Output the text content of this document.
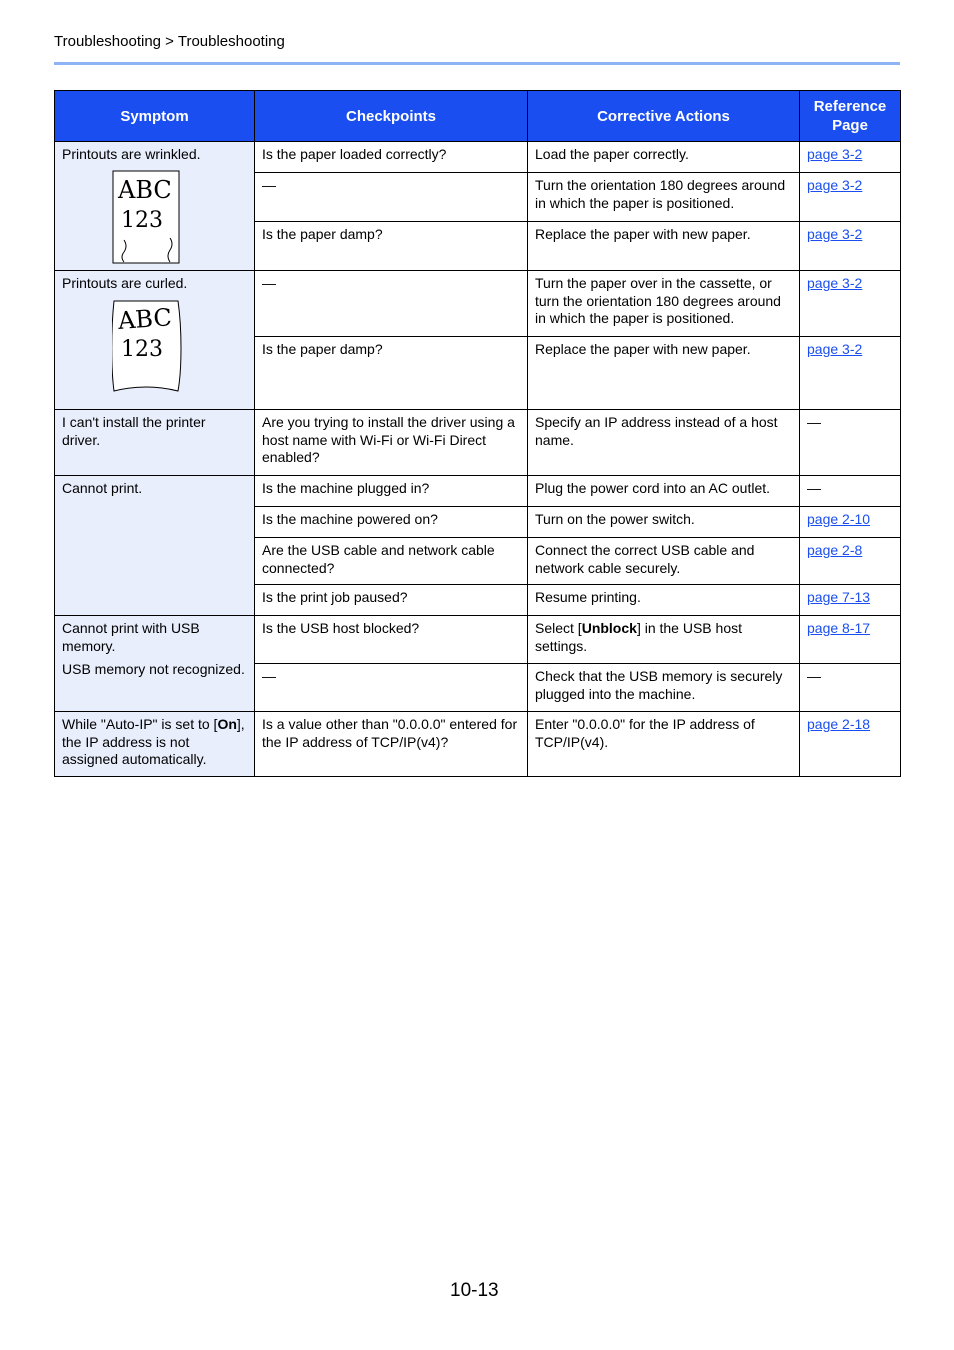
Troubleshooting > Troubleshooting
Symptom	Checkpoints	Corrective Actions	Reference Page

Printouts are wrinkled.

ABC
123	Is the paper loaded correctly?	Load the paper correctly.	page 3-2
	—	Turn the orientation 180 degrees around in which the paper is positioned.	page 3-2
	Is the paper damp?	Replace the paper with new paper.	page 3-2

Printouts are curled.

ABC
123	—	Turn the paper over in the cassette, or turn the orientation 180 degrees around in which the paper is positioned.	page 3-2
	Is the paper damp?	Replace the paper with new paper.	page 3-2

I can't install the printer driver.	Are you trying to install the driver using a host name with Wi-Fi or Wi-Fi Direct enabled?	Specify an IP address instead of a host name.	—

Cannot print.	Is the machine plugged in?	Plug the power cord into an AC outlet.	—
	Is the machine powered on?	Turn on the power switch.	page 2-10
	Are the USB cable and network cable connected?	Connect the correct USB cable and network cable securely.	page 2-8
	Is the print job paused?	Resume printing.	page 7-13

Cannot print with USB memory.

USB memory not recognized.	Is the USB host blocked?	Select [Unblock] in the USB host settings.	page 8-17
	—	Check that the USB memory is securely plugged into the machine.	—

While "Auto-IP" is set to [On], the IP address is not assigned automatically.	Is a value other than "0.0.0.0" entered for the IP address of TCP/IP(v4)?	Enter "0.0.0.0" for the IP address of TCP/IP(v4).	page 2-18
10-13
